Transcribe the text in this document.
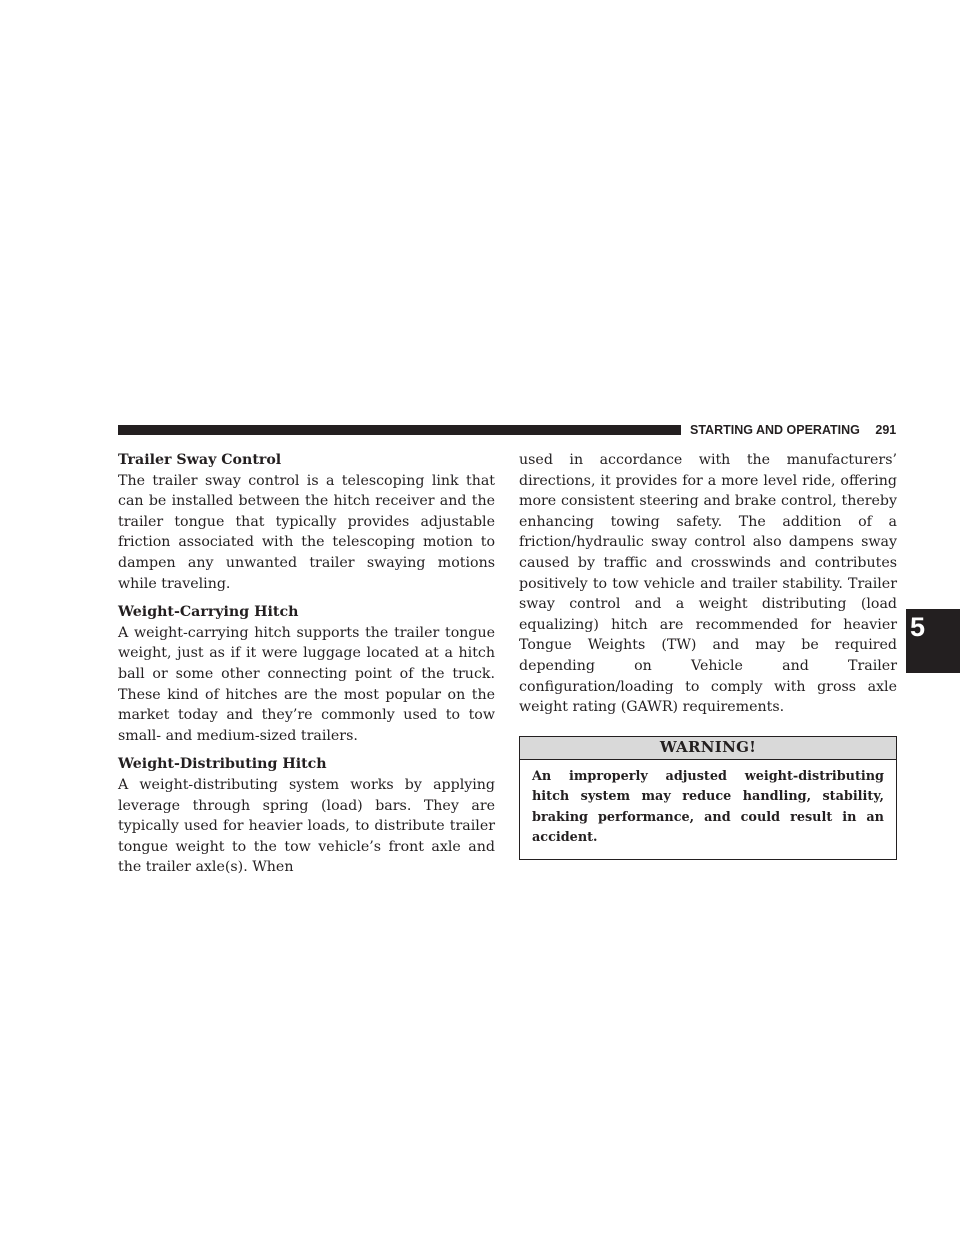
STARTING AND OPERATING 291
5
Trailer Sway Control

The trailer sway control is a telescoping link that can be installed between the hitch receiver and the trailer tongue that typically provides adjustable friction associated with the telescoping motion to dampen any unwanted trailer swaying motions while traveling.

Weight-Carrying Hitch

A weight-carrying hitch supports the trailer tongue weight, just as if it were luggage located at a hitch ball or some other connecting point of the truck. These kind of hitches are the most popular on the market today and they’re commonly used to tow small- and medium-sized trailers.

Weight-Distributing Hitch

A weight-distributing system works by applying leverage through spring (load) bars. They are typically used for heavier loads, to distribute trailer tongue weight to the tow vehicle’s front axle and the trailer axle(s). When

used in accordance with the manufacturers’ directions, it provides for a more level ride, offering more consistent steering and brake control, thereby enhancing towing safety. The addition of a friction/hydraulic sway control also dampens sway caused by traffic and crosswinds and contributes positively to tow vehicle and trailer stability. Trailer sway control and a weight distributing (load equalizing) hitch are recommended for heavier Tongue Weights (TW) and may be required depending on Vehicle and Trailer configuration/loading to comply with gross axle weight rating (GAWR) requirements.

WARNING!
An improperly adjusted weight-distributing hitch system may reduce handling, stability, braking performance, and could result in an accident.
